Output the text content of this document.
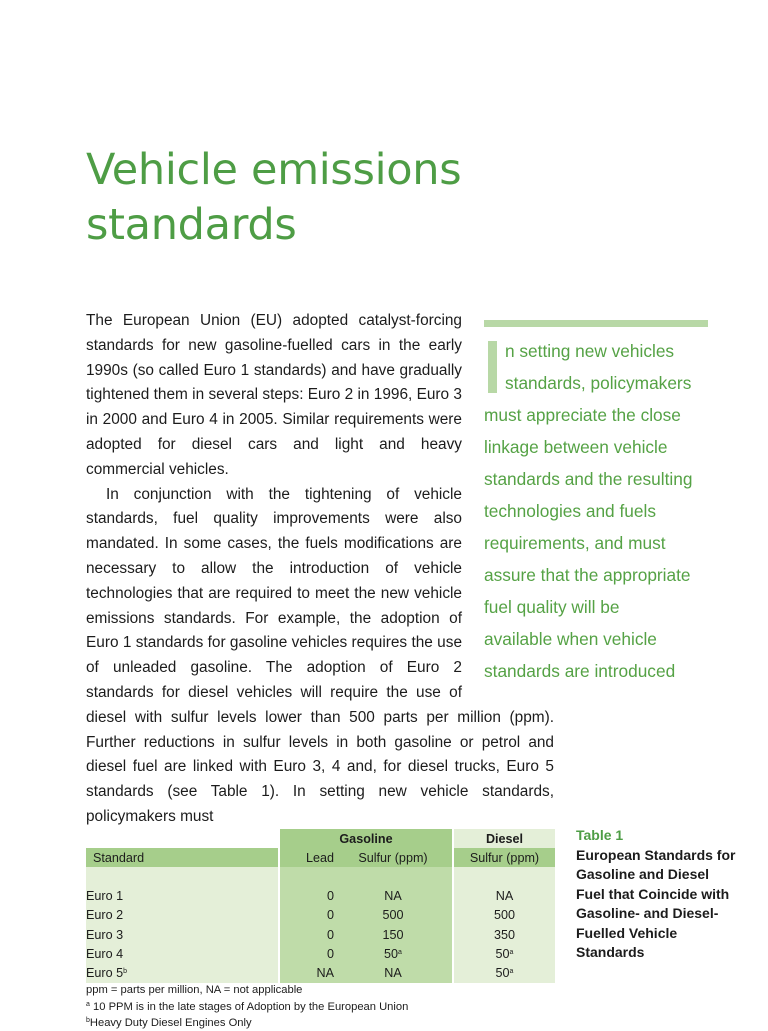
Vehicle emissions
standards

The European Union (EU) adopted catalyst-forcing standards for new gasoline-fuelled cars in the early 1990s (so called Euro 1 standards) and have gradually tightened them in several steps: Euro 2 in 1996, Euro 3 in 2000 and Euro 4 in 2005. Similar requirements were adopted for diesel cars and light and heavy commercial vehicles.

In conjunction with the tightening of vehicle standards, fuel quality improvements were also mandated. In some cases, the fuels modifications are necessary to allow the introduction of vehicle technologies that are required to meet the new vehicle emissions standards. For example, the adoption of Euro 1 standards for gasoline vehicles requires the use of unleaded gasoline. The adoption of Euro 2 standards for diesel vehicles will require the use of diesel with sulfur levels lower than 500 parts per million (ppm). Further reductions in sulfur levels in both gasoline or petrol and diesel fuel are linked with Euro 3, 4 and, for diesel trucks, Euro 5 standards (see Table 1). In setting new vehicle standards, policymakers must

n setting new vehicles
standards, policymakers
must appreciate the close
linkage between vehicle
standards and the resulting
technologies and fuels
requirements, and must
assure that the appropriate
fuel quality will be
available when vehicle
standards are introduced
	Gasoline		Diesel
Standard	Lead	Sulfur (ppm)	Sulfur (ppm)

Euro 1	0	NA	NA
Euro 2	0	500	500
Euro 3	0	150	350
Euro 4	0	50$^a$	50$^a$
Euro 5$^b$	NA	NA	50$^a$
Table 1
European Standards for Gasoline and Diesel Fuel that Coincide with Gasoline- and Diesel-Fuelled Vehicle Standards
ppm = parts per million, NA = not applicable
$^a$ 10 PPM is in the late stages of Adoption by the European Union
$^b$Heavy Duty Diesel Engines Only
